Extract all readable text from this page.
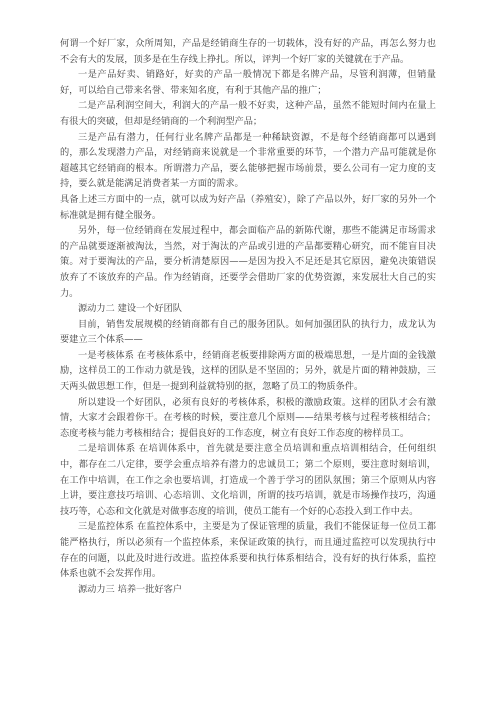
何谓一个好厂家，众所周知，产品是经销商生存的一切载体，没有好的产品，再怎么努力也不会有大的发展，顶多是在生存线上挣扎。所以，评判一个好厂家的关键就在于产品。

一是产品好卖、销路好，好卖的产品一般情况下都是名牌产品，尽管利润薄，但销量好，可以给自己带来名誉、带来知名度，有利于其他产品的推广；

二是产品利润空间大，利润大的产品一般不好卖，这种产品，虽然不能短时间内在量上有很大的突破，但却是经销商的一个利润型产品；

三是产品有潜力，任何行业名牌产品都是一种稀缺资源，不是每个经销商都可以遇到的，那么发现潜力产品，对经销商来说就是一个非常重要的环节，一个潜力产品可能就是你超越其它经销商的根本。所谓潜力产品，要么能够把握市场前景，要么公司有一定力度的支持，要么就是能满足消费者某一方面的需求。

具备上述三方面中的一点，就可以成为好产品（养殖安），除了产品以外，好厂家的另外一个标准就是拥有健全服务。

另外，每一位经销商在发展过程中，都会面临产品的新陈代谢，那些不能满足市场需求的产品就要逐渐被淘汰，当然，对于淘汰的产品或引进的产品都要精心研究，而不能盲目决策。对于要淘汰的产品，要分析清楚原因——是因为投入不足还是其它原因，避免决策错误放弃了不该放弃的产品。作为经销商，还要学会借助厂家的优势资源，来发展壮大自己的实力。

源动力二 建设一个好团队

目前，销售发展规模的经销商都有自己的服务团队。如何加强团队的执行力，成龙认为要建立三个体系——

一是考核体系 在考核体系中，经销商老板要排除两方面的极端思想，一是片面的金钱激励，这样员工的工作动力就是钱，这样的团队是不坚固的；另外，就是片面的精神鼓励，三天两头做思想工作，但是一提到利益就特别的抠，忽略了员工的物质条件。

所以建设一个好团队，必须有良好的考核体系，积极的激励政策。这样的团队才会有激情，大家才会跟着你干。在考核的时候，要注意几个原则——结果考核与过程考核相结合；态度考核与能力考核相结合；提倡良好的工作态度，树立有良好工作态度的榜样员工。

二是培训体系 在培训体系中，首先就是要注意全员培训和重点培训相结合，任何组织中，都存在二八定律，要学会重点培养有潜力的忠诚员工；第二个原则，要注意时刻培训，在工作中培训，在工作之余也要培训，打造成一个善于学习的团队氛围；第三个原则从内容上讲，要注意技巧培训、心态培训、文化培训，所谓的技巧培训，就是市场操作技巧，沟通技巧等，心态和文化就是对做事态度的培训，使员工能有一个好的心态投入到工作中去。

三是监控体系 在监控体系中，主要是为了保证管理的质量，我们不能保证每一位员工都能严格执行，所以必须有一个监控体系，来保证政策的执行，而且通过监控可以发现执行中存在的问题，以此及时进行改进。监控体系要和执行体系相结合，没有好的执行体系，监控体系也就不会发挥作用。

源动力三 培养一批好客户
